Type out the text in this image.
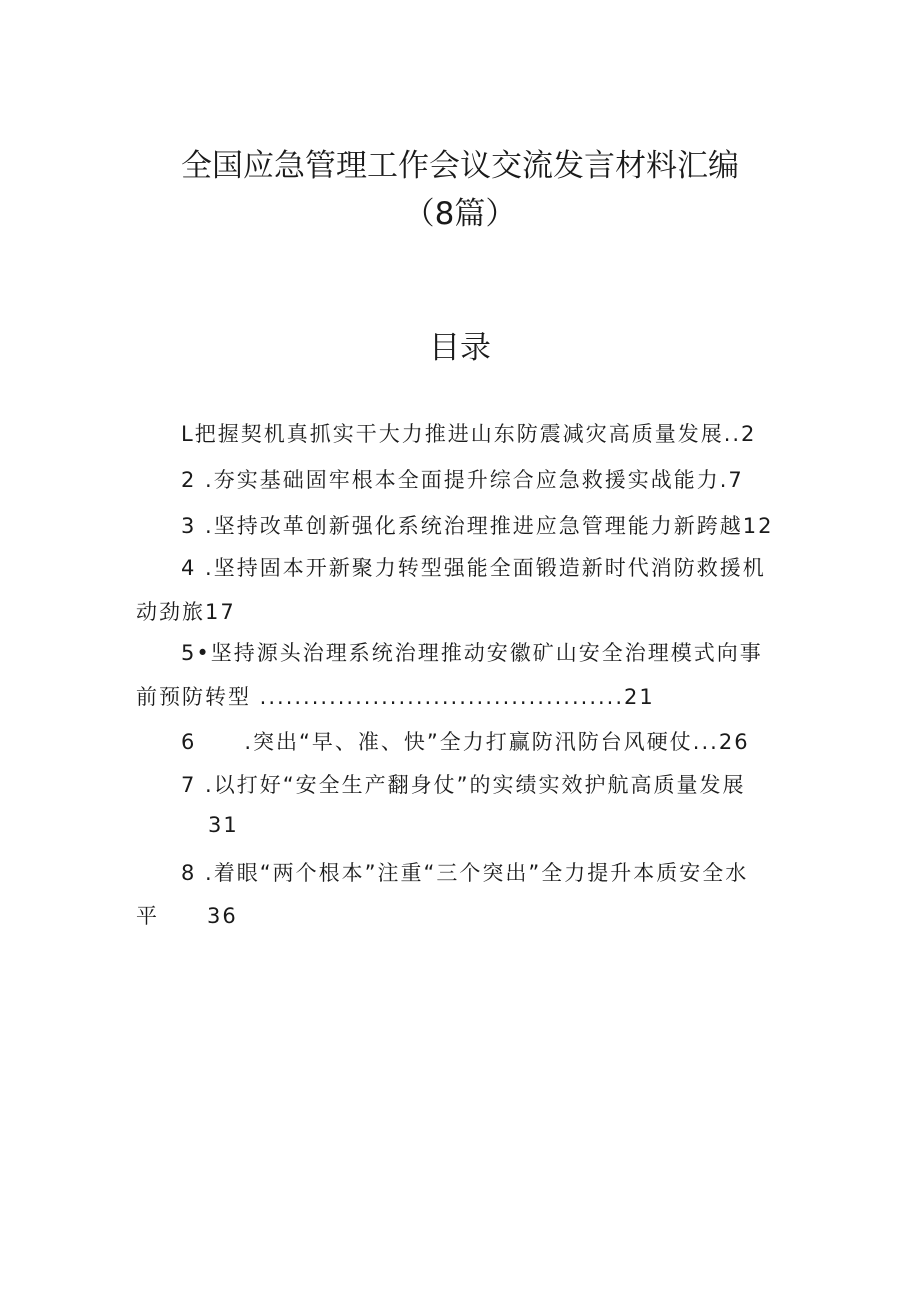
全国应急管理工作会议交流发言材料汇编
（8篇）
目录
L把握契机真抓实干大力推进山东防震减灾高质量发展..2
2 .夯实基础固牢根本全面提升综合应急救援实战能力.7
3 .坚持改革创新强化系统治理推进应急管理能力新跨越12
4 .坚持固本开新聚力转型强能全面锻造新时代消防救援机
动劲旅17
5•坚持源头治理系统治理推动安徽矿山安全治理模式向事
前预防转型 ..........................................21
6 .突出“早、准、快”全力打赢防汛防台风硬仗...26
7 .以打好“安全生产翻身仗”的实绩实效护航高质量发展
31
8 .着眼“两个根本”注重“三个突出”全力提升本质安全水
平 36
